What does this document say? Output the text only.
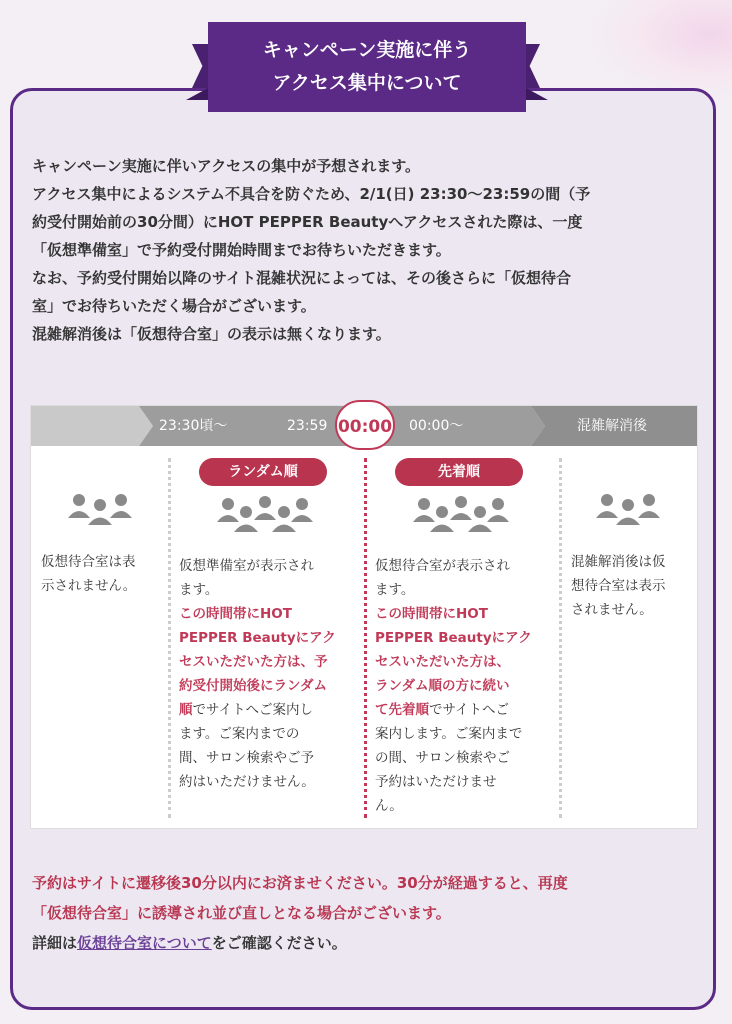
キャンペーン実施に伴う
アクセス集中について

キャンペーン実施に伴いアクセスの集中が予想されます。

アクセス集中によるシステム不具合を防ぐため、2/1(日) 23:30〜23:59の間（予

約受付開始前の30分間）にHOT PEPPER Beautyへアクセスされた際は、一度

「仮想準備室」で予約受付開始時間までお待ちいただきます。

なお、予約受付開始以降のサイト混雑状況によっては、その後さらに「仮想待合

室」でお待ちいただく場合がございます。

混雑解消後は「仮想待合室」の表示は無くなります。

23:30頃〜	23:59 00:00 00:00〜	混雑解消後
仮想待合室は表
示されません。
ランダム順
仮想準備室が表示され
ます。
この時間帯にHOT
PEPPER Beautyにアク
セスいただいた方は、予
約受付開始後にランダム
順でサイトへご案内し
ます。ご案内までの
間、サロン検索やご予
約はいただけません。
先着順
仮想待合室が表示され
ます。
この時間帯にHOT
PEPPER Beautyにアク
セスいただいた方は、
ランダム順の方に続い
て先着順でサイトへご
案内します。ご案内まで
の間、サロン検索やご
予約はいただけませ
ん。
混雑解消後は仮
想待合室は表示
されません。
予約はサイトに遷移後30分以内にお済ませください。30分が経過すると、再度
「仮想待合室」に誘導され並び直しとなる場合がございます。
詳細は仮想待合室についてをご確認ください。
